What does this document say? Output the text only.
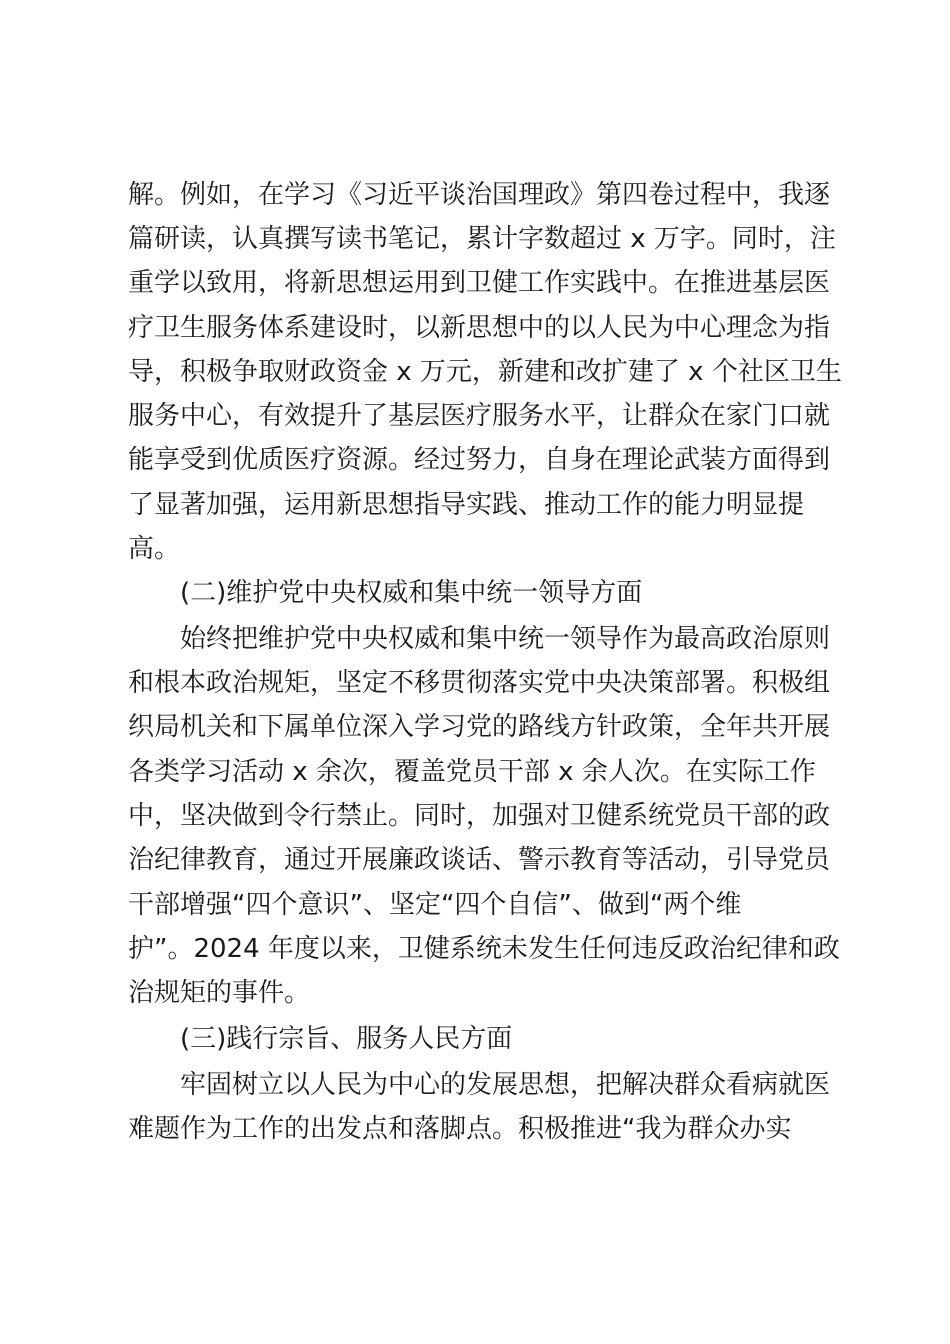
解。例如，在学习《习近平谈治国理政》第四卷过程中，我逐
篇研读，认真撰写读书笔记，累计字数超过 x 万字。同时，注
重学以致用，将新思想运用到卫健工作实践中。在推进基层医
疗卫生服务体系建设时，以新思想中的以人民为中心理念为指
导，积极争取财政资金 x 万元，新建和改扩建了 x 个社区卫生
服务中心，有效提升了基层医疗服务水平，让群众在家门口就
能享受到优质医疗资源。经过努力，自身在理论武装方面得到
了显著加强，运用新思想指导实践、推动工作的能力明显提
高。
(二)维护党中央权威和集中统一领导方面
始终把维护党中央权威和集中统一领导作为最高政治原则
和根本政治规矩，坚定不移贯彻落实党中央决策部署。积极组
织局机关和下属单位深入学习党的路线方针政策，全年共开展
各类学习活动 x 余次，覆盖党员干部 x 余人次。在实际工作
中，坚决做到令行禁止。同时，加强对卫健系统党员干部的政
治纪律教育，通过开展廉政谈话、警示教育等活动，引导党员
干部增强“四个意识”、坚定“四个自信”、做到“两个维
护”。2024 年度以来，卫健系统未发生任何违反政治纪律和政
治规矩的事件。
(三)践行宗旨、服务人民方面
牢固树立以人民为中心的发展思想，把解决群众看病就医
难题作为工作的出发点和落脚点。积极推进“我为群众办实
